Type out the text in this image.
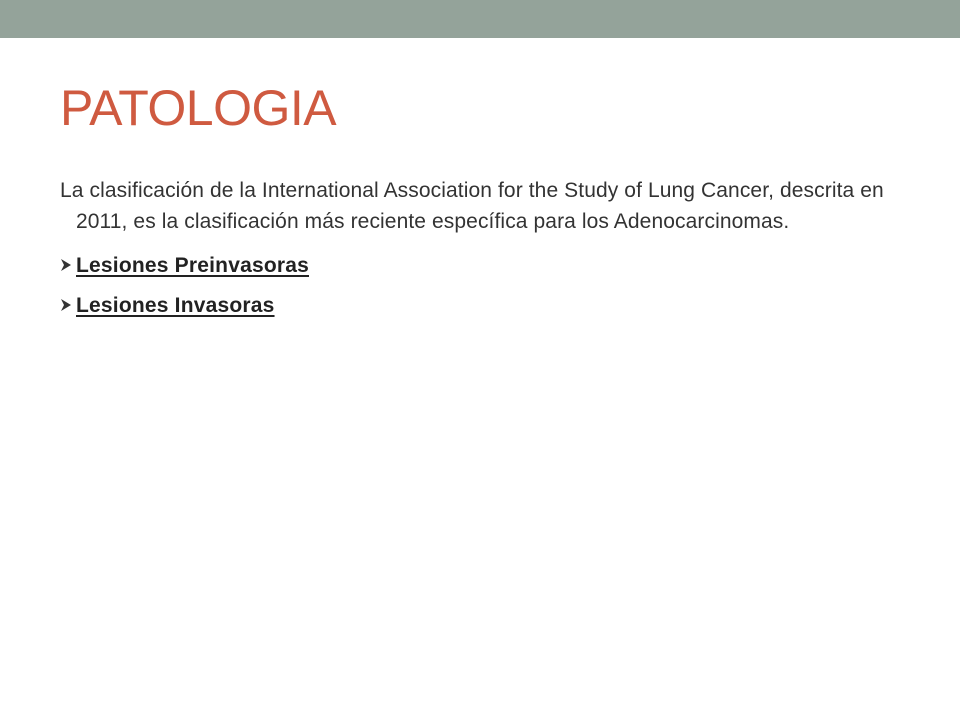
PATOLOGIA

La clasificación de la International Association for the Study of Lung Cancer, descrita en 2011, es la clasificación más reciente específica para los Adenocarcinomas.

Lesiones Preinvasoras
Lesiones Invasoras
